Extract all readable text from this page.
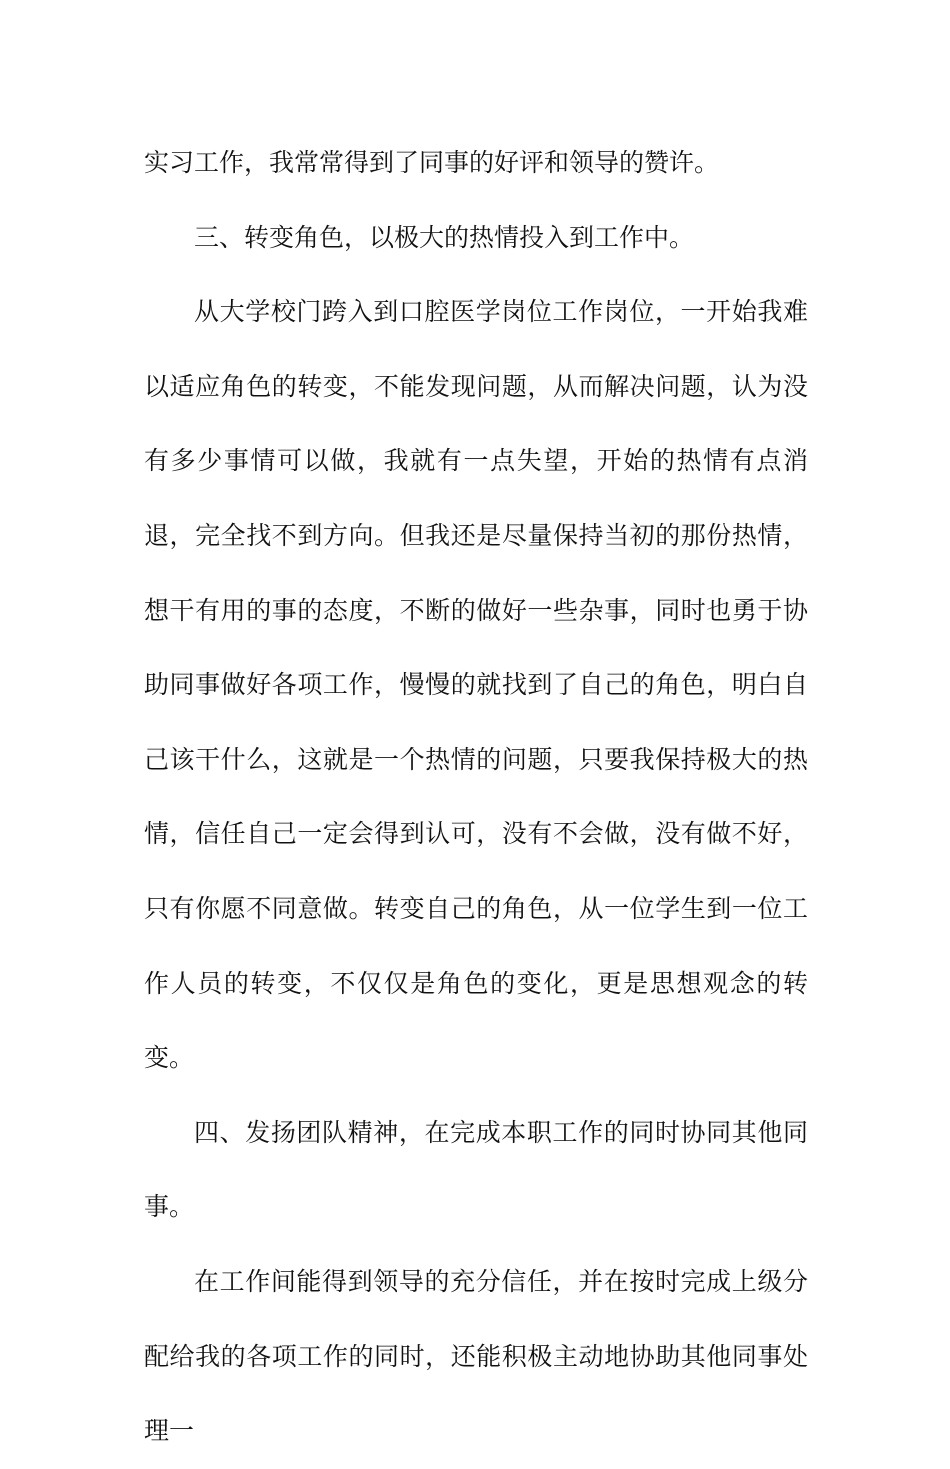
实习工作，我常常得到了同事的好评和领导的赞许。

三、转变角色，以极大的热情投入到工作中。

从大学校门跨入到口腔医学岗位工作岗位，一开始我难以适应角色的转变，不能发现问题，从而解决问题，认为没有多少事情可以做，我就有一点失望，开始的热情有点消退，完全找不到方向。但我还是尽量保持当初的那份热情，想干有用的事的态度，不断的做好一些杂事，同时也勇于协助同事做好各项工作，慢慢的就找到了自己的角色，明白自己该干什么，这就是一个热情的问题，只要我保持极大的热情，信任自己一定会得到认可，没有不会做，没有做不好，只有你愿不同意做。转变自己的角色，从一位学生到一位工作人员的转变，不仅仅是角色的变化，更是思想观念的转变。

四、发扬团队精神，在完成本职工作的同时协同其他同事。

在工作间能得到领导的充分信任，并在按时完成上级分配给我的各项工作的同时，还能积极主动地协助其他同事处理一
